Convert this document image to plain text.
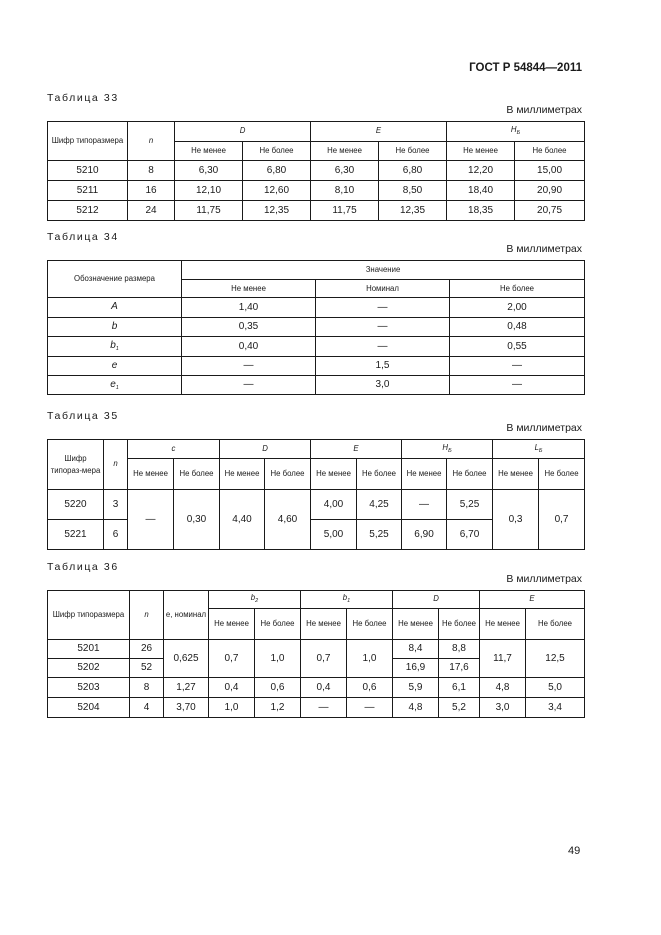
ГОСТ Р 54844—2011
Таблица 33
В миллиметрах
Шифр типоразмера	n	D		E		$H_Б$
		Не менее	Не более	Не менее	Не более	Не менее	Не более
5210	8	6,30	6,80	6,30	6,80	12,20	15,00
5211	16	12,10	12,60	8,10	8,50	18,40	20,90
5212	24	11,75	12,35	11,75	12,35	18,35	20,75
Таблица 34
В миллиметрах
Обозначение размера	Значение		
	Не менее	Номинал	Не более
A	1,40	—	2,00
b	0,35	—	0,48
$b_1$	0,40	—	0,55
e	—	1,5	—
$e_1$	—	3,0	—
Таблица 35
В миллиметрах
Шифр типораз-мера	n	c		D		E		$H_Б$		$L_Б$
		Не менее	Не более	Не менее	Не более	Не менее	Не более	Не менее	Не более	Не менее	Не более
5220	3	—	0,30	4,40	4,60	4,00	4,25	—	5,25	0,3	0,7
5221	6					5,00	5,25	6,90	6,70		
Таблица 36
В миллиметрах
Шифр типоразмера	n	e, номинал	$b_2$		$b_1$		D		E	
			Не менее	Не более	Не менее	Не более	Не менее	Не более	Не менее	Не более
5201	26	0,625	0,7	1,0	0,7	1,0	8,4	8,8	11,7	12,5
5202	52						16,9	17,6		
5203	8	1,27	0,4	0,6	0,4	0,6	5,9	6,1	4,8	5,0
5204	4	3,70	1,0	1,2	—	—	4,8	5,2	3,0	3,4
49
